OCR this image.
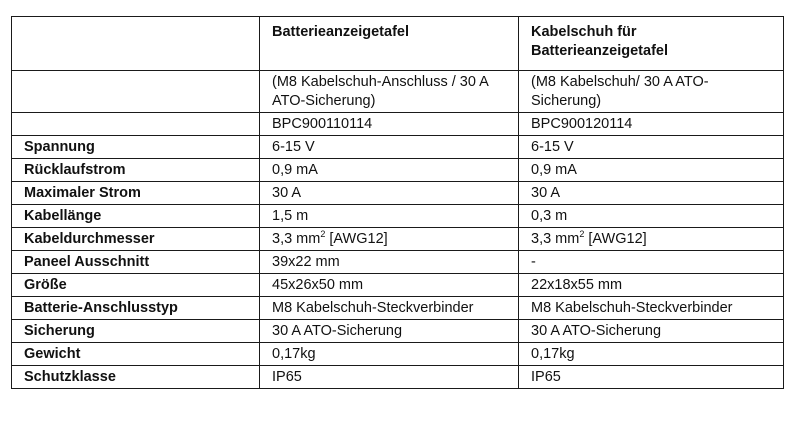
	Batterieanzeigetafel	Kabelschuh für Batterieanzeigetafel
	(M8 Kabelschuh-Anschluss / 30 A ATO-Sicherung)	(M8 Kabelschuh/ 30 A ATO-Sicherung)
	BPC900110114	BPC900120114
Spannung	6-15 V	6-15 V
Rücklaufstrom	0,9 mA	0,9 mA
Maximaler Strom	30 A	30 A
Kabellänge	1,5 m	0,3 m
Kabeldurchmesser	3,3 $mm^2$ [AWG12]	3,3 $mm^2$ [AWG12]
Paneel Ausschnitt	39x22 mm	-
Größe	45x26x50 mm	22x18x55 mm
Batterie-Anschlusstyp	M8 Kabelschuh-Steckverbinder	M8 Kabelschuh-Steckverbinder
Sicherung	30 A ATO-Sicherung	30 A ATO-Sicherung
Gewicht	0,17kg	0,17kg
Schutzklasse	IP65	IP65
